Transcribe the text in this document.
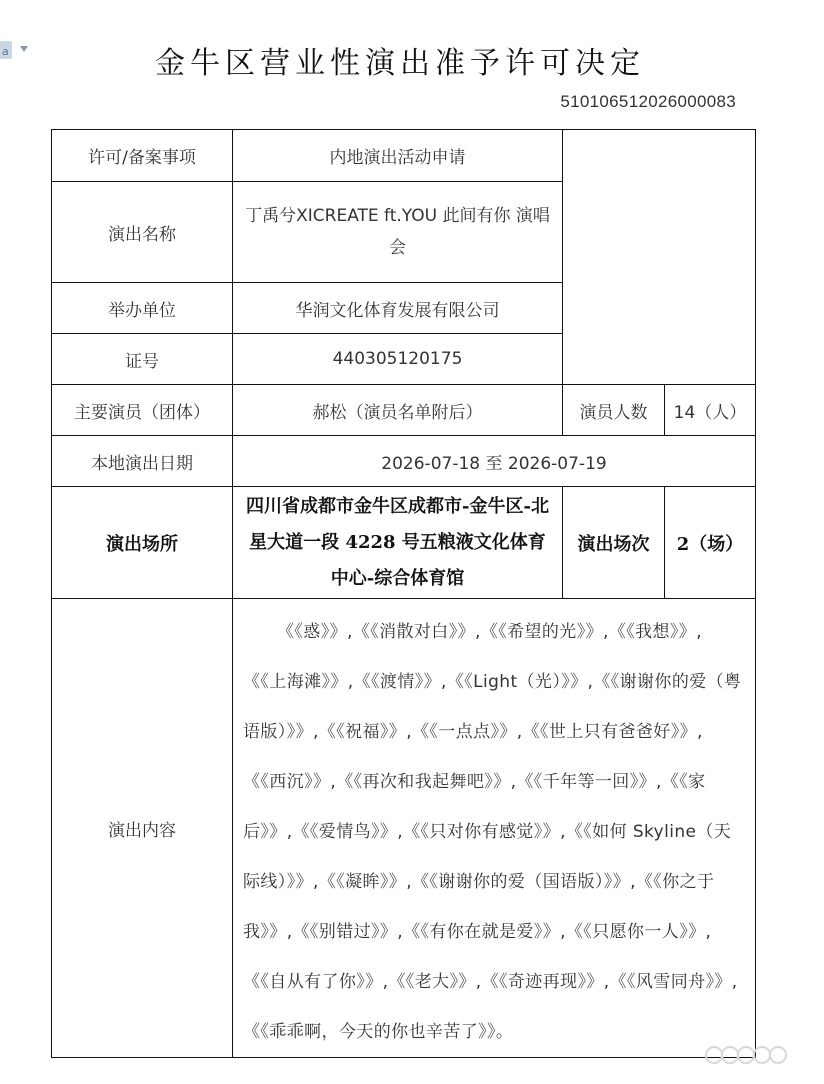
a	金牛区营业性演出准予许可决定
510106512026000083
许可/备案事项	内地演出活动申请		
演出名称	丁禹兮XICREATE ft.YOU 此间有你 演唱会		
举办单位	华润文化体育发展有限公司		
证号	440305120175		
主要演员（团体）	郝松（演员名单附后）	演员人数	14（人）
本地演出日期	2026-07-18 至 2026-07-19		
演出场所	四川省成都市金牛区成都市-金牛区-北星大道一段 4228 号五粮液文化体育中心-综合体育馆	演出场次	2（场）
演出内容	《《惑》》,《《消散对白》》,《《希望的光》》,《《我想》》,《《上海滩》》,《《渡情》》,《《Light（光）》》,《《谢谢你的爱（粤语版）》》,《《祝福》》,《《一点点》》,《《世上只有爸爸好》》,《《西沉》》,《《再次和我起舞吧》》,《《千年等一回》》,《《家后》》,《《爱情鸟》》,《《只对你有感觉》》,《《如何 Skyline（天际线）》》,《《凝眸》》,《《谢谢你的爱（国语版）》》,《《你之于我》》,《《别错过》》,《《有你在就是爱》》,《《只愿你一人》》,《《自从有了你》》,《《老大》》,《《奇迹再现》》,《《风雪同舟》》,《《乖乖啊，今天的你也辛苦了》》。		
